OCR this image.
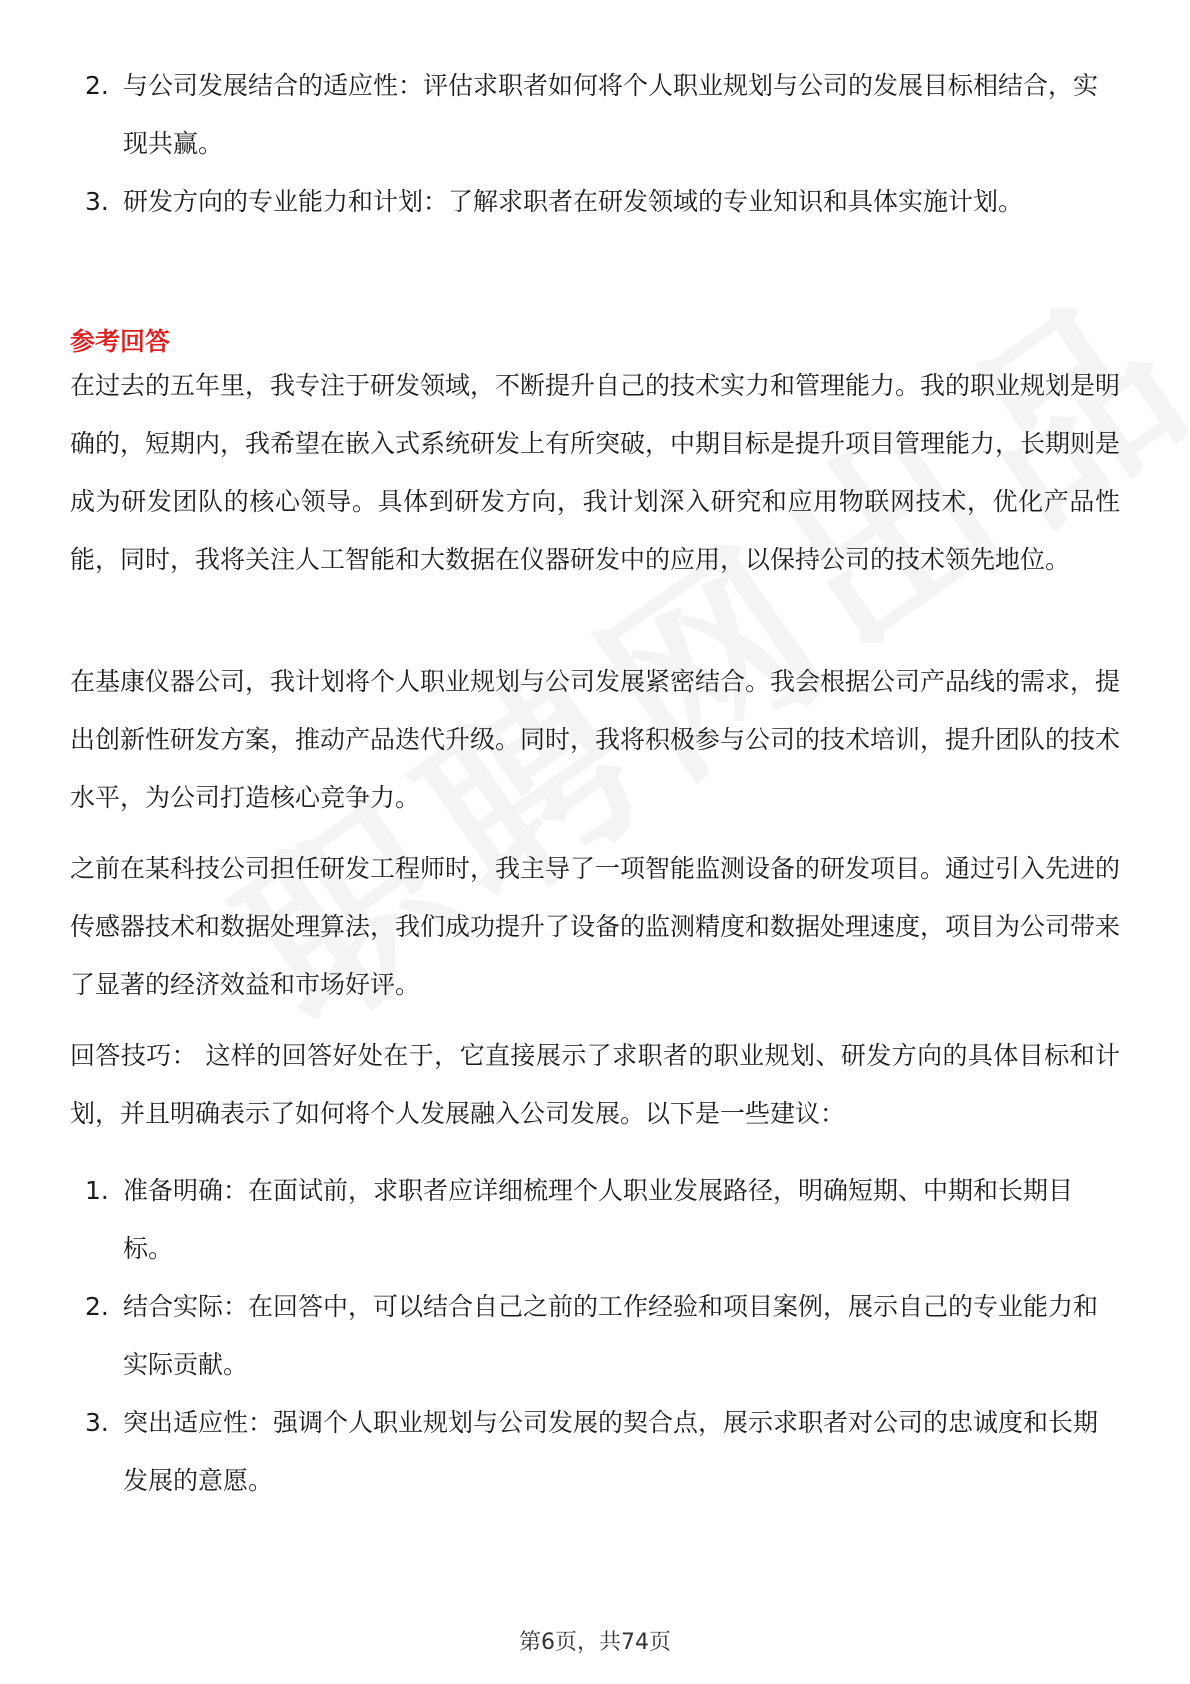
2. 与公司发展结合的适应性：评估求职者如何将个人职业规划与公司的发展目标相结合，实现共赢。
3. 研发方向的专业能力和计划：了解求职者在研发领域的专业知识和具体实施计划。
参考回答

在过去的五年里，我专注于研发领域，不断提升自己的技术实力和管理能力。我的职业规划是明确的，短期内，我希望在嵌入式系统研发上有所突破，中期目标是提升项目管理能力，长期则是成为研发团队的核心领导。具体到研发方向，我计划深入研究和应用物联网技术，优化产品性能，同时，我将关注人工智能和大数据在仪器研发中的应用，以保持公司的技术领先地位。

在基康仪器公司，我计划将个人职业规划与公司发展紧密结合。我会根据公司产品线的需求，提出创新性研发方案，推动产品迭代升级。同时，我将积极参与公司的技术培训，提升团队的技术水平，为公司打造核心竞争力。

之前在某科技公司担任研发工程师时，我主导了一项智能监测设备的研发项目。通过引入先进的传感器技术和数据处理算法，我们成功提升了设备的监测精度和数据处理速度，项目为公司带来了显著的经济效益和市场好评。

回答技巧： 这样的回答好处在于，它直接展示了求职者的职业规划、研发方向的具体目标和计划，并且明确表示了如何将个人发展融入公司发展。以下是一些建议：

1. 准备明确：在面试前，求职者应详细梳理个人职业发展路径，明确短期、中期和长期目标。
2. 结合实际：在回答中，可以结合自己之前的工作经验和项目案例，展示自己的专业能力和实际贡献。
3. 突出适应性：强调个人职业规划与公司发展的契合点，展示求职者对公司的忠诚度和长期发展的意愿。
第6页，共74页
